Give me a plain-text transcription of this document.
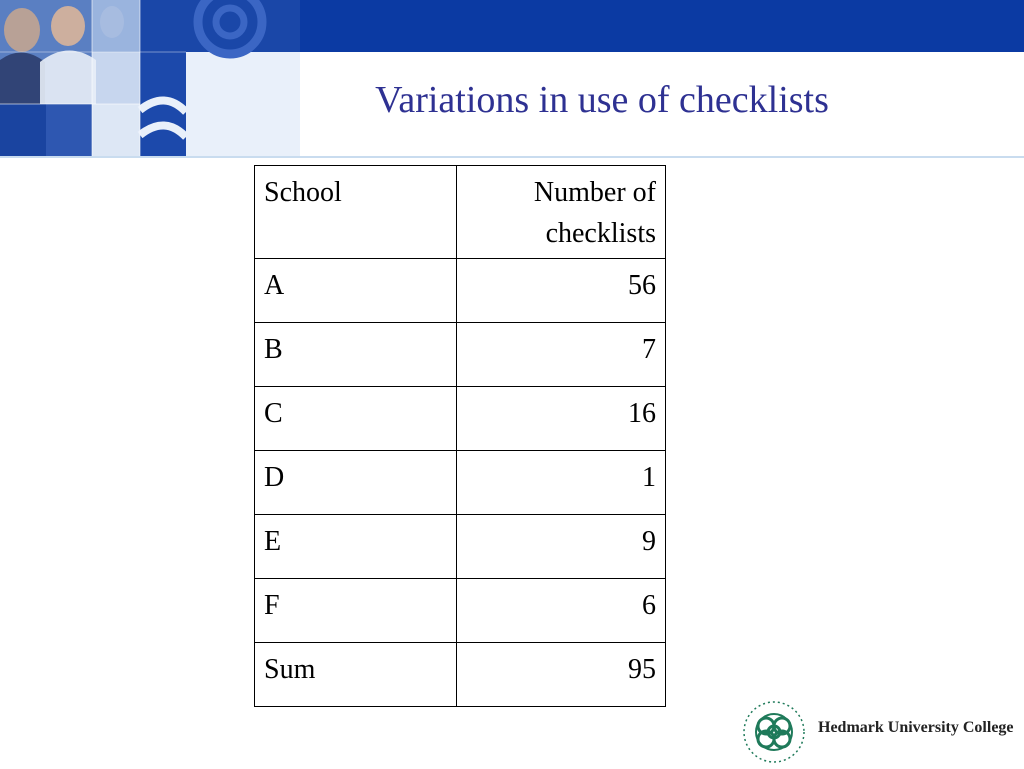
Variations in use of checklists
School	Number of
checklists
A	56
B	7
C	16
D	1
E	9
F	6
Sum	95
Hedmark University College
